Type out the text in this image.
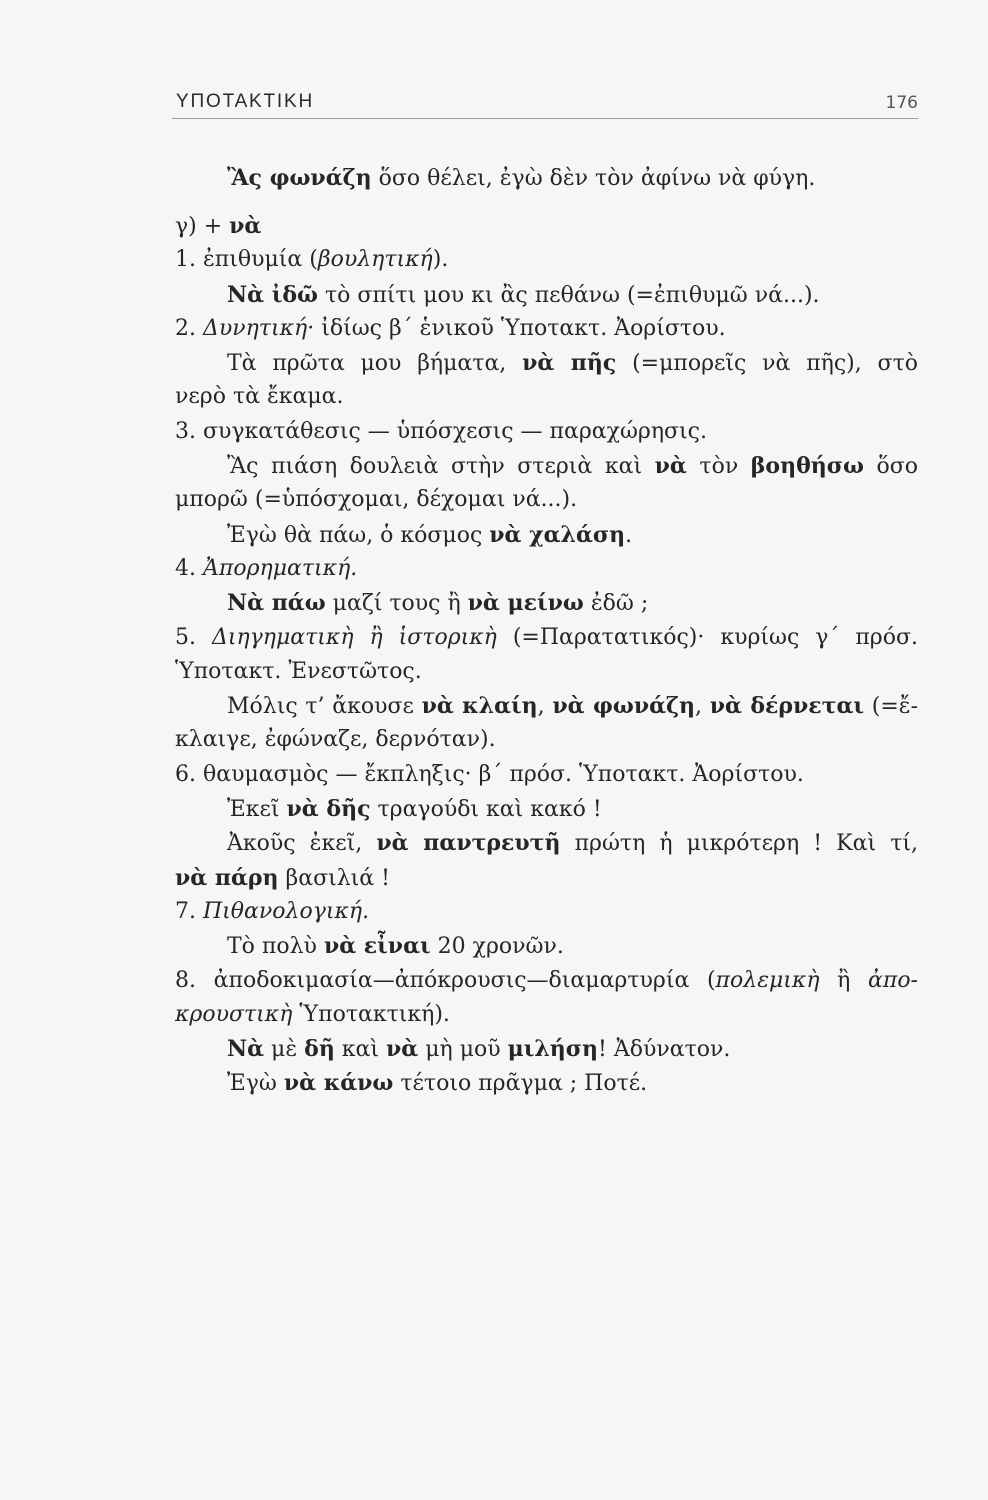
ΥΠΟΤΑΚΤΙΚΗ	176
Ἂς φωνάζη ὅσο θέλει, ἐγὼ δὲν τὸν ἀφίνω νὰ φύγη.
γ) + νὰ
1. ἐπιθυμία (βουλητική).
Νὰ ἰδῶ τὸ σπίτι μου κι ἂς πεθάνω (=ἐπιθυμῶ νά...).
2. Δυνητική· ἰδίως β΄ ἑνικοῦ Ὑποτακτ. Ἀορίστου.
Τὰ πρῶτα μου βήματα, νὰ πῆς (=μπορεῖς νὰ πῆς), στὸ
νερὸ τὰ ἔκαμα.
3. συγκατάθεσις — ὑπόσχεσις — παραχώρησις.
Ἂς πιάση δουλειὰ στὴν στεριὰ καὶ νὰ τὸν βοηθήσω ὅσο
μπορῶ (=ὑπόσχομαι, δέχομαι νά...).
Ἐγὼ θὰ πάω, ὁ κόσμος νὰ χαλάση.
4. Ἀπορηματική.
Νὰ πάω μαζί τους ἢ νὰ μείνω ἐδῶ ;
5. Διηγηματικὴ ἢ ἱστορικὴ (=Παρατατικός)· κυρίως γ΄ πρόσ.
Ὑποτακτ. Ἐνεστῶτος.
Μόλις τ’ ἄκουσε νὰ κλαίη, νὰ φωνάζη, νὰ δέρνεται (=ἔ-
κλαιγε, ἐφώναζε, δερνόταν).
6. θαυμασμὸς — ἔκπληξις· β΄ πρόσ. Ὑποτακτ. Ἀορίστου.
Ἐκεῖ νὰ δῆς τραγούδι καὶ κακό !
Ἀκοῦς ἐκεῖ, νὰ παντρευτῆ πρώτη ἡ μικρότερη ! Καὶ τί,
νὰ πάρη βασιλιά !
7. Πιθανολογική.
Τὸ πολὺ νὰ εἶναι 20 χρονῶν.
8. ἀποδοκιμασία—ἀπόκρουσις—διαμαρτυρία (πολεμικὴ ἢ ἀπο-
κρουστικὴ Ὑποτακτική).
Νὰ μὲ δῆ καὶ νὰ μὴ μοῦ μιλήση! Ἀδύνατον.
Ἐγὼ νὰ κάνω τέτοιο πρᾶγμα ; Ποτέ.
